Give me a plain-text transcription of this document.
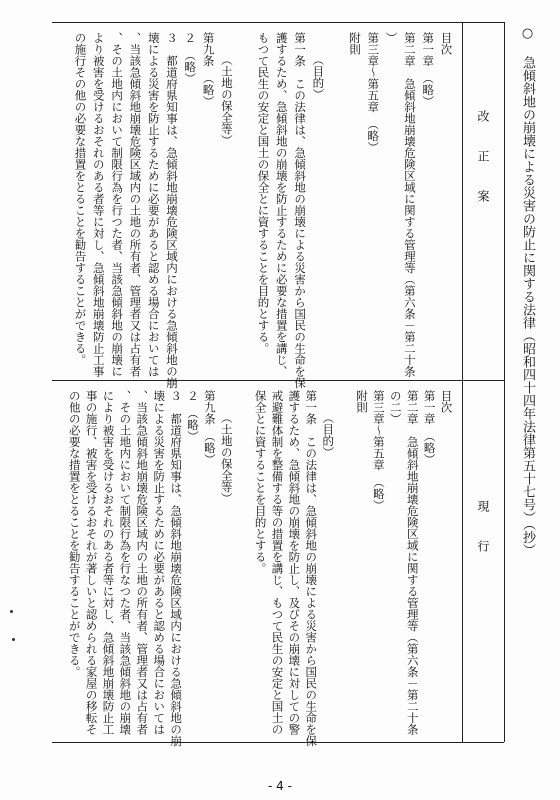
○ 急傾斜地の崩壊による災害の防止に関する法律（昭和四十四年法律第五十七号）（抄）
改正案
現行
目次
第一章　（略）
第二章　急傾斜地崩壊危険区域に関する管理等（第六条－第二十条
）
第三章～第五章　（略）
附則
（目的）
第一条　この法律は、急傾斜地の崩壊による災害から国民の生命を保
護するため、急傾斜地の崩壊を防止するために必要な措置を講じ、
もつて民生の安定と国土の保全とに資することを目的とする。
（土地の保全等）
第九条　（略）
２　（略）
３　都道府県知事は、急傾斜地崩壊危険区域内における急傾斜地の崩
壊による災害を防止するために必要があると認める場合においては
、当該急傾斜地崩壊危険区域内の土地の所有者、管理者又は占有者
、その土地内において制限行為を行つた者、当該急傾斜地の崩壊に
より被害を受けるおそれのある者等に対し、急傾斜地崩壊防止工事
の施行その他の必要な措置をとることを勧告することができる。
目次
第一章　（略）
第二章　急傾斜地崩壊危険区域に関する管理等（第六条－第二十条
の二）
第三章～第五章　（略）
附則
（目的）
第一条　この法律は、急傾斜地の崩壊による災害から国民の生命を保
護するため、急傾斜地の崩壊を防止し、及びその崩壊に対しての警
戒避難体制を整備する等の措置を講じ、もつて民生の安定と国土の
保全とに資することを目的とする。
（土地の保全等）
第九条　（略）
２　（略）
３　都道府県知事は、急傾斜地崩壊危険区域内における急傾斜地の崩
壊による災害を防止するために必要があると認める場合においては
、当該急傾斜地崩壊危険区域内の土地の所有者、管理者又は占有者
、その土地内において制限行為を行なつた者、当該急傾斜地の崩壊
により被害を受けるおそれのある者等に対し、急傾斜地崩壊防止工
事の施行、被害を受けるおそれが著しいと認められる家屋の移転そ
の他の必要な措置をとることを勧告することができる。
- 4 -
